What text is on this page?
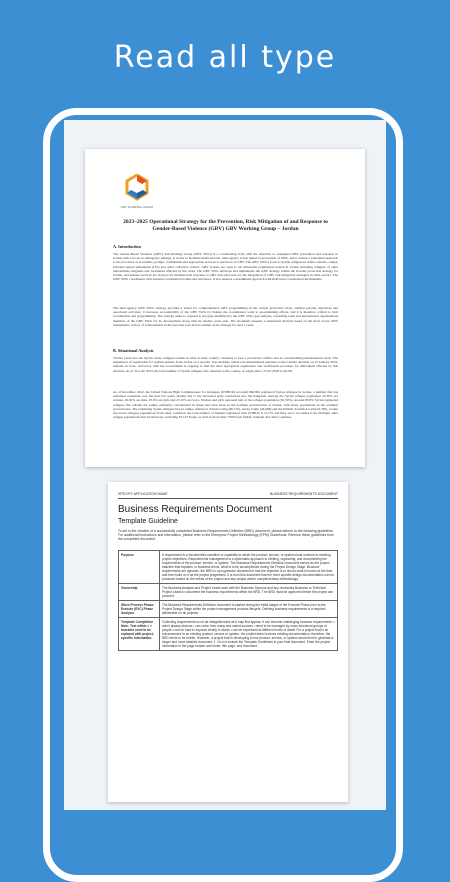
Read all type
GBV WORKING GROUP
2023–2025 Operational Strategy for the Prevention, Risk Mitigation of and Response to Gender-Based Violence (GBV) GBV Working Group – Jordan
A. Introduction
The Gender-Based Violence (GBV) Sub-Working Group (GBV SWG) is a coordinating body with the objective to strengthen GBV prevention and response in Jordan with a focus on emergency settings. It works to facilitate multi-sectoral, inter-agency action aimed at prevention of GBV, and to ensure a principled approach to the provision of accessible, prompt, confidential and appropriate services to survivors of GBV. The GBV SWG's focus is Syrian refugees in urban contexts, camps, informal tented settlements (ITS) and other collective centers. GBV actions are open to all vulnerable populations hosted in Jordan including refugees of other nationalities, migrants and Jordanians affected by the crisis. The GBV SWG develops and implements the GBV strategy within the broader protection strategy for Jordan, and ensures services are in place for multisectoral response to GBV and advocates for the integration of GBV risk mitigation strategies in other sectors. The GBV SWG coordinates with national coordination bodies and structures. It also ensures a streamlined approach with field level coordination mechanisms.
The inter-agency GBV SWG strategy provides a vision for comprehensive GBV programming in the current protracted crisis, outlines priority objectives and associated activities; it increases accountability of the GBV SWG by linking the coordination work to programming efforts, and it is therefore critical to both coordination and programming. The strategy seeks to respond to the gaps identified by the GBV SWG gap analysis, consulting team and international organizations members of the GBV SWG for its development along with its relative work plan. The document presents a situational analysis based on the most recent GBV assessments, review of achievements in the previous year and an outline of the strategy for next 2 years.
B. Situational Analysis
Twelve years into the Syrian crisis, refugees remain in what as their country continues to face a protracted conflict and an overwhelming humanitarian crisis. The suspension of registration for asylum-seekers from Jordan on a specific visa modality which was implemented pursuant to the Cabinet decision on 23 January 2019, remains in force. Advocacy with the Government is ongoing to find the most appropriate registration and verification processes for individuals affected by this decision. As of 31st Jan 2023, the total number of Syrian refugees who returned to the country of origin since 15 Oct 2018 is 46,183.
As of December 2022, the United Nations High Commissioner for Refugees (UNHCR) recorded 660,892 registered Syrian refugees in Jordan, a number that has remained consistent over the past few years, mainly due to the increased entry restrictions into the Kingdom. Among the Syrian refugee population 20.30% are women, 20.60% are men, 25.0% are girls and 23.10% are boys. Women and girls represent half of the refugee population (50.30%). Around 80.8% Syrian registered refugees live outside the camps, primarily concentrated in urban and rural areas in the northern governorates of Jordan, with lesser populations in the southern governorates. The remaining Syrian refugees live in camps, mainly in Zaatari Camp (80,170), Azraq Camp (44,608) and the Emirati Jordanian Camp (6,790). Jordan also hosts refugees populations from other countries: the total number of Yemeni registered with UNHCR is 12,721 and they are to be added to the multiple other refugee populations that Jordan hosts, including 67,127 Iraqis, as well as more than 7,000 from Sudan, Somalia and other countries.
SPECIFY APPLICATION NAME	BUSINESS REQUIREMENTS DOCUMENT
Business Requirements Document
Template Guideline
To aid in the creation of a successfully completed Business Requirements Definition (BRD) document, please adhere to the following guidelines. For additional instructions and information, please refer to the Enterprise Project Methodology (EPM) Guidebook. Remove these guidelines from the completed document.
Purpose	A requirement is a documented condition or capability to which the product, service, or system must conform to meeting project objectives. Requirements management is a systematic approach to eliciting, organizing, and documenting the requirements of the product, service, or system. The Business Requirements Definition document serves as the project baseline that explains, in business terms, what is to be accomplished during the Project Design Stage. Because requirements are dynamic, the BRD is a progressive document in that the objective is to record what is known at the time and then build on it as the project progresses. It is from this document that the more specific design documentation can be produced based on the needs of the project and any unique and/or complementary methodology.
Ownership	The Business Analysis and Project Leads work with the Business Sponsor and any necessary Business or Technical Project Leads to document the business requirements within the BRD. The BRD must be approved before the project can proceed.
When Process Phase: Execute (EXC) Phase Analysis	The Business Requirements Definition document is started during the initial stages of the Execute Phase prior to the Project Design Stage within the project management process lifecycle. Defining business requirements is a required deliverable on all projects.
Template Completion Note: Text within < > brackets need to be replaced with project-specific information.	Collecting requirements is not as straightforward as it may first appear. It can become challenging because requirements: • aren't always obvious • can come from many and varied sources • need to be managed by cross-functional groups of people • can be hard to express clearly in words • can be expressed at different levels of detail. For a project that is an enhancement to an existing product, service or system, the project team involves existing documentation; therefore, the BRD tends to be briefer. However, a project that is developing a new product, service, or system would tend to generate a longer and more detailed document. 1. Do not include the Template Guidelines in your final document. Enter the project information in the page header and footer, title page, and document.
